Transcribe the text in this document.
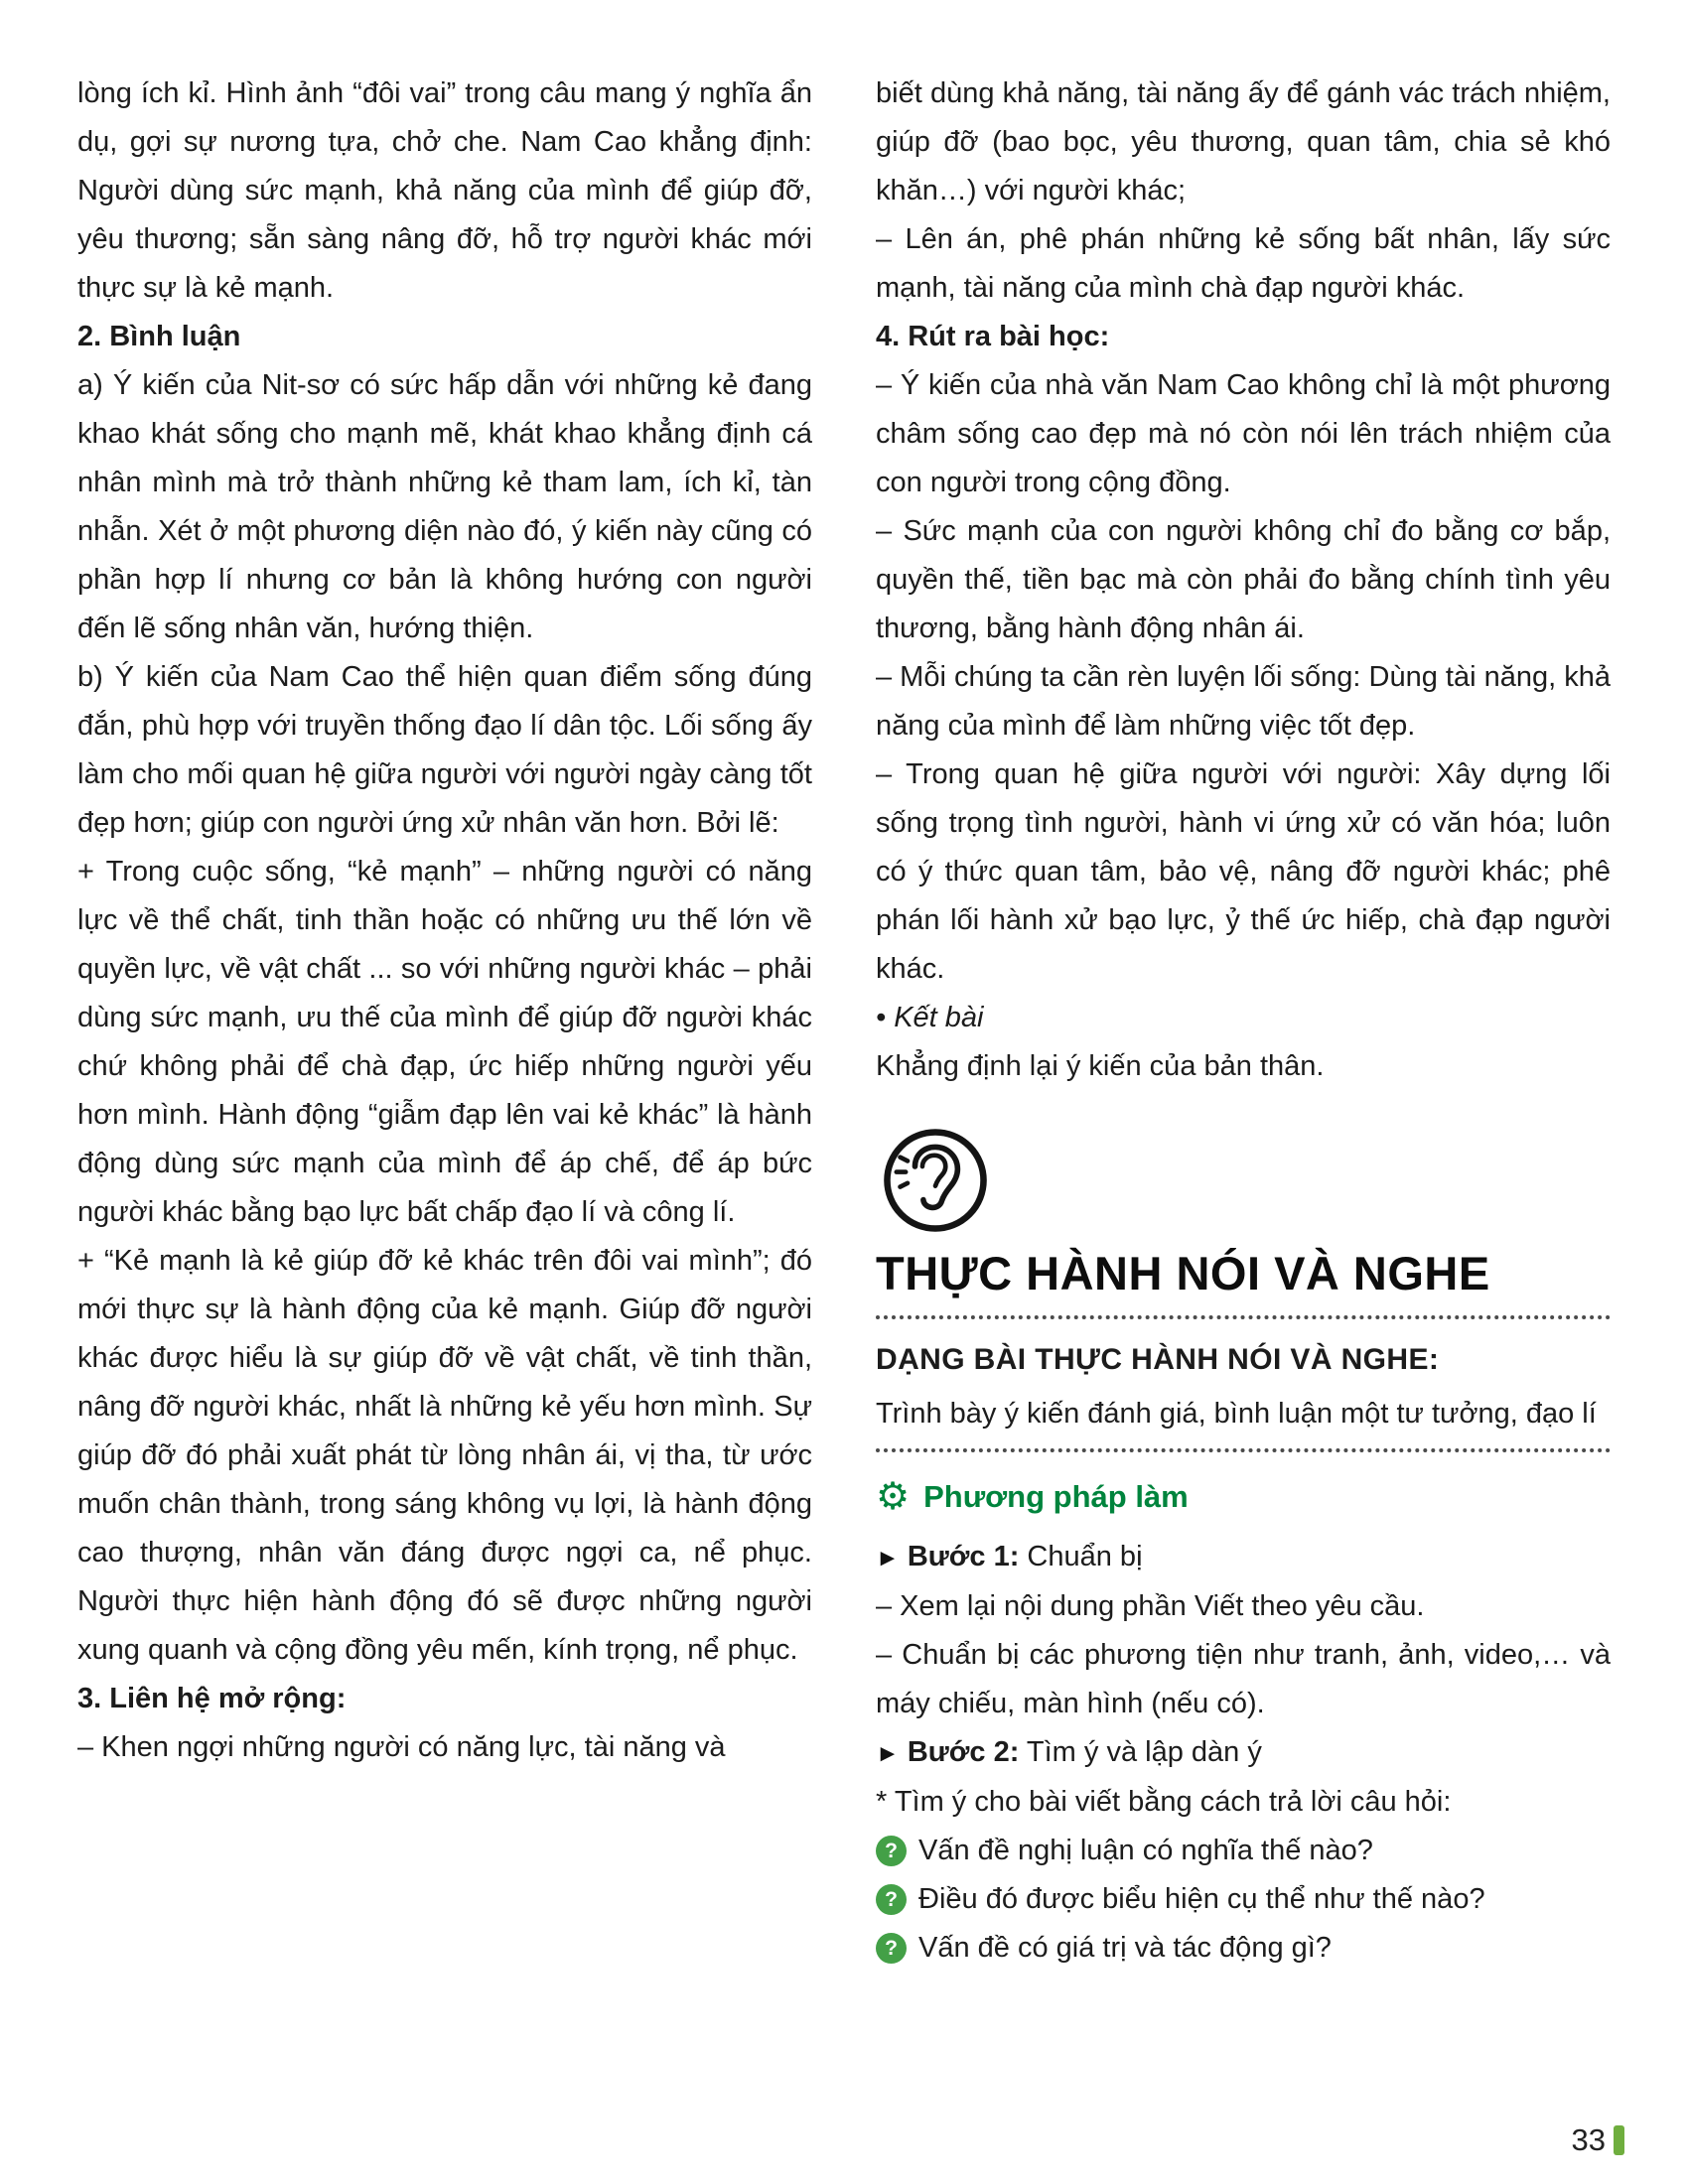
lòng ích kỉ. Hình ảnh “đôi vai” trong câu mang ý nghĩa ẩn dụ, gợi sự nương tựa, chở che. Nam Cao khẳng định: Người dùng sức mạnh, khả năng của mình để giúp đỡ, yêu thương; sẵn sàng nâng đỡ, hỗ trợ người khác mới thực sự là kẻ mạnh.

2. Bình luận

a) Ý kiến của Nit-sơ có sức hấp dẫn với những kẻ đang khao khát sống cho mạnh mẽ, khát khao khẳng định cá nhân mình mà trở thành những kẻ tham lam, ích kỉ, tàn nhẫn. Xét ở một phương diện nào đó, ý kiến này cũng có phần hợp lí nhưng cơ bản là không hướng con người đến lẽ sống nhân văn, hướng thiện.

b) Ý kiến của Nam Cao thể hiện quan điểm sống đúng đắn, phù hợp với truyền thống đạo lí dân tộc. Lối sống ấy làm cho mối quan hệ giữa người với người ngày càng tốt đẹp hơn; giúp con người ứng xử nhân văn hơn. Bởi lẽ:

+ Trong cuộc sống, “kẻ mạnh” – những người có năng lực về thể chất, tinh thần hoặc có những ưu thế lớn về quyền lực, về vật chất ... so với những người khác – phải dùng sức mạnh, ưu thế của mình để giúp đỡ người khác chứ không phải để chà đạp, ức hiếp những người yếu hơn mình. Hành động “giẫm đạp lên vai kẻ khác” là hành động dùng sức mạnh của mình để áp chế, để áp bức người khác bằng bạo lực bất chấp đạo lí và công lí.

+ “Kẻ mạnh là kẻ giúp đỡ kẻ khác trên đôi vai mình”; đó mới thực sự là hành động của kẻ mạnh. Giúp đỡ người khác được hiểu là sự giúp đỡ về vật chất, về tinh thần, nâng đỡ người khác, nhất là những kẻ yếu hơn mình. Sự giúp đỡ đó phải xuất phát từ lòng nhân ái, vị tha, từ ước muốn chân thành, trong sáng không vụ lợi, là hành động cao thượng, nhân văn đáng được ngợi ca, nể phục. Người thực hiện hành động đó sẽ được những người xung quanh và cộng đồng yêu mến, kính trọng, nể phục.

3. Liên hệ mở rộng:

– Khen ngợi những người có năng lực, tài năng và

biết dùng khả năng, tài năng ấy để gánh vác trách nhiệm, giúp đỡ (bao bọc, yêu thương, quan tâm, chia sẻ khó khăn…) với người khác;

– Lên án, phê phán những kẻ sống bất nhân, lấy sức mạnh, tài năng của mình chà đạp người khác.

4. Rút ra bài học:

– Ý kiến của nhà văn Nam Cao không chỉ là một phương châm sống cao đẹp mà nó còn nói lên trách nhiệm của con người trong cộng đồng.

– Sức mạnh của con người không chỉ đo bằng cơ bắp, quyền thế, tiền bạc mà còn phải đo bằng chính tình yêu thương, bằng hành động nhân ái.

– Mỗi chúng ta cần rèn luyện lối sống: Dùng tài năng, khả năng của mình để làm những việc tốt đẹp.

– Trong quan hệ giữa người với người: Xây dựng lối sống trọng tình người, hành vi ứng xử có văn hóa; luôn có ý thức quan tâm, bảo vệ, nâng đỡ người khác; phê phán lối hành xử bạo lực, ỷ thế ức hiếp, chà đạp người khác.

• Kết bài

Khẳng định lại ý kiến của bản thân.

THỰC HÀNH NÓI VÀ NGHE

DẠNG BÀI THỰC HÀNH NÓI VÀ NGHE:

Trình bày ý kiến đánh giá, bình luận một tư tưởng, đạo lí

⚙ Phương pháp làm

► Bước 1: Chuẩn bị

– Xem lại nội dung phần Viết theo yêu cầu.

– Chuẩn bị các phương tiện như tranh, ảnh, video,… và máy chiếu, màn hình (nếu có).

► Bước 2: Tìm ý và lập dàn ý

* Tìm ý cho bài viết bằng cách trả lời câu hỏi:

? Vấn đề nghị luận có nghĩa thế nào?
? Điều đó được biểu hiện cụ thể như thế nào?
? Vấn đề có giá trị và tác động gì?
33
